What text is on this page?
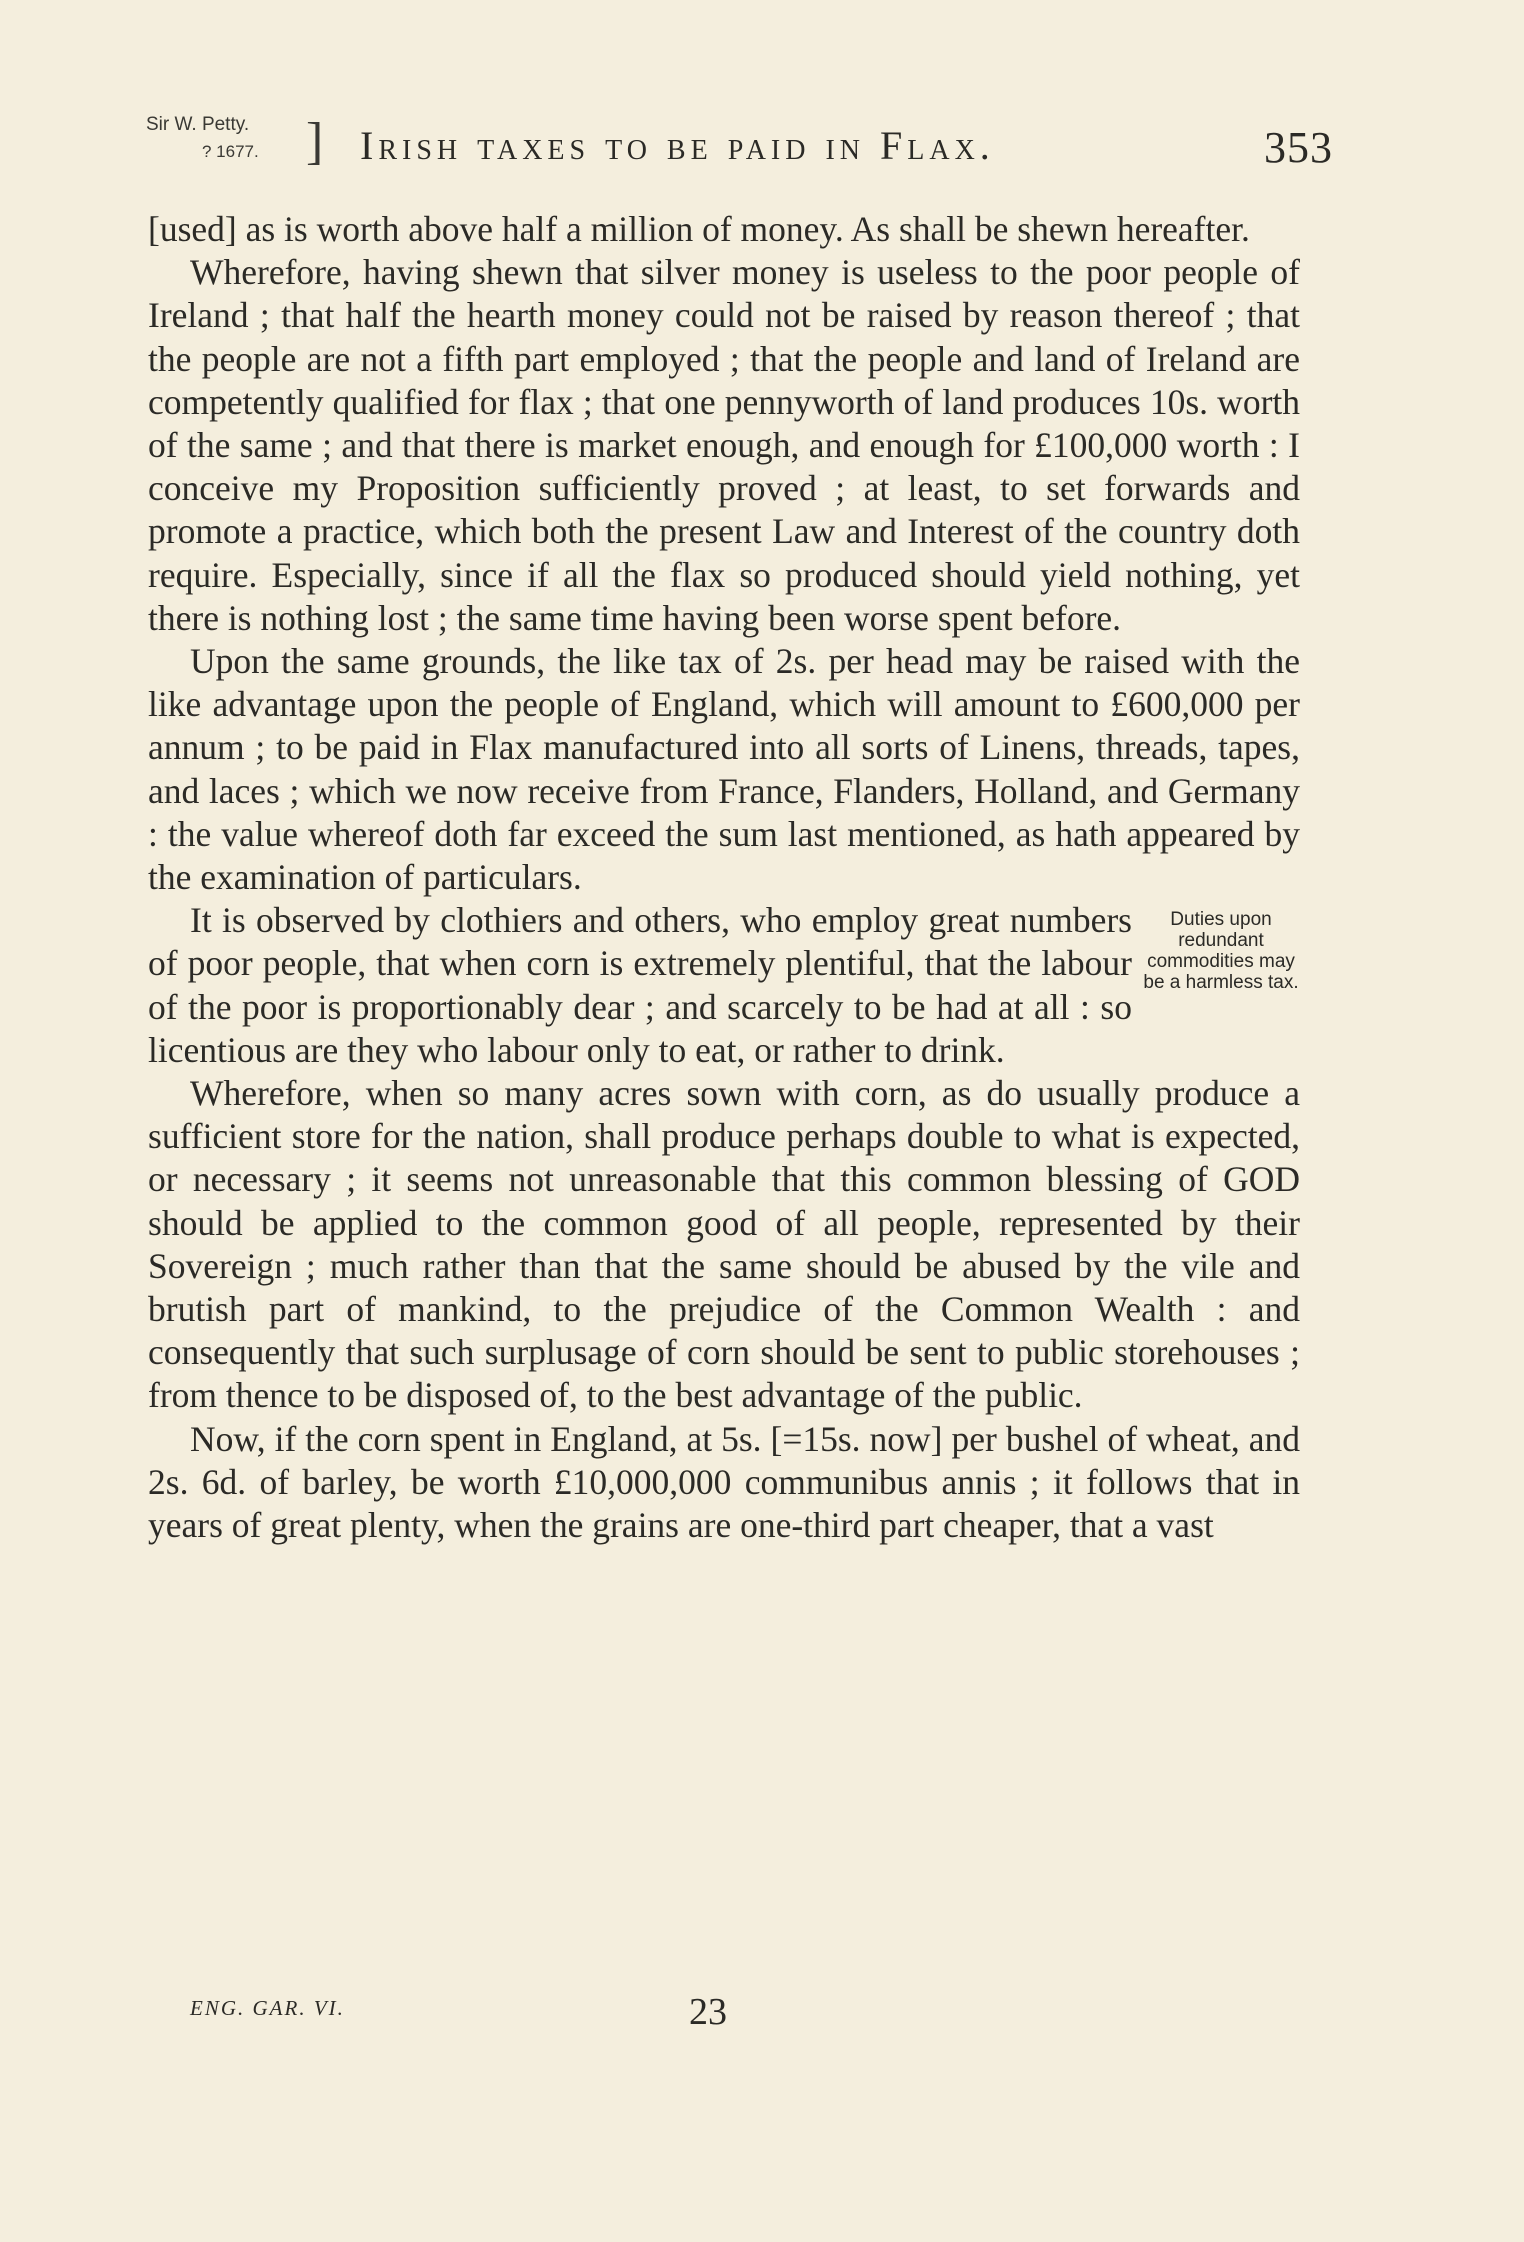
Sir W. Petty.
? 1677. ] Irish taxes to be paid in Flax.	353

[used] as is worth above half a million of money. As shall be shewn hereafter.

Wherefore, having shewn that silver money is useless to the poor people of Ireland ; that half the hearth money could not be raised by reason thereof ; that the people are not a fifth part employed ; that the people and land of Ireland are competently qualified for flax ; that one pennyworth of land produces 10s. worth of the same ; and that there is market enough, and enough for £100,000 worth : I conceive my Proposition sufficiently proved ; at least, to set forwards and promote a practice, which both the present Law and Interest of the country doth require. Especially, since if all the flax so produced should yield nothing, yet there is nothing lost ; the same time having been worse spent before.

Upon the same grounds, the like tax of 2s. per head may be raised with the like advantage upon the people of England, which will amount to £600,000 per annum ; to be paid in Flax manufactured into all sorts of Linens, threads, tapes, and laces ; which we now receive from France, Flanders, Holland, and Germany : the value whereof doth far exceed the sum last mentioned, as hath appeared by the examination of particulars.

Duties upon redundant commodities may be a harmless tax.

It is observed by clothiers and others, who employ great numbers of poor people, that when corn is extremely plentiful, that the labour of the poor is proportionably dear ; and scarcely to be had at all : so licentious are they who labour only to eat, or rather to drink.

Wherefore, when so many acres sown with corn, as do usually produce a sufficient store for the nation, shall produce perhaps double to what is expected, or necessary ; it seems not unreasonable that this common blessing of GOD should be applied to the common good of all people, represented by their Sovereign ; much rather than that the same should be abused by the vile and brutish part of mankind, to the prejudice of the Common Wealth : and consequently that such surplusage of corn should be sent to public storehouses ; from thence to be disposed of, to the best advantage of the public.

Now, if the corn spent in England, at 5s. [=15s. now] per bushel of wheat, and 2s. 6d. of barley, be worth £10,000,000 communibus annis ; it follows that in years of great plenty, when the grains are one-third part cheaper, that a vast

ENG. GAR. VI.	23
